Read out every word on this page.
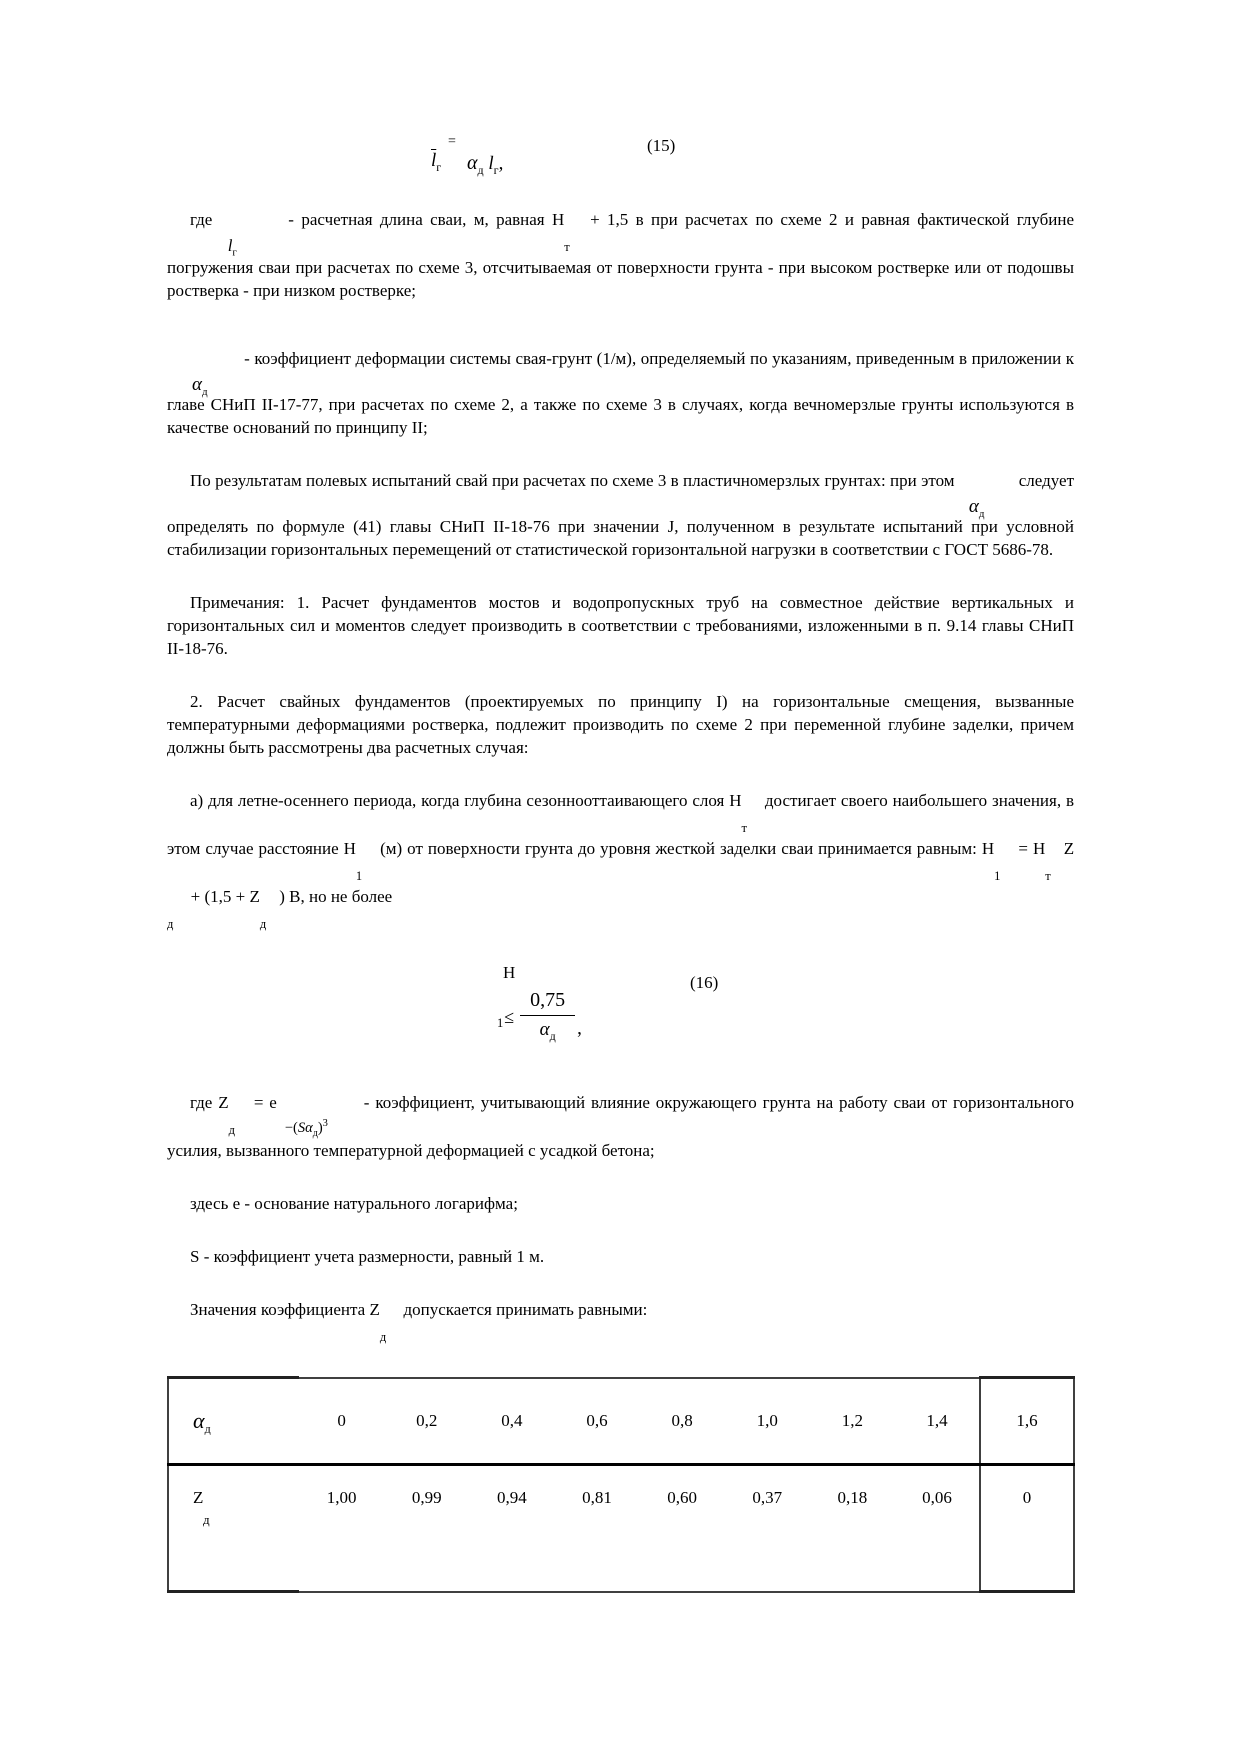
=
$\overline{l}_г$ $\alpha_д$ $l_г$,
(15)

где $l_г$ - расчетная длина сваи, м, равная Нт + 1,5 в при расчетах по схеме 2 и равная фактической глубине погружения сваи при расчетах по схеме 3, отсчитываемая от поверхности грунта - при высоком ростверке или от подошвы ростверка - при низком ростверке;

$\alpha_д$ - коэффициент деформации системы свая-грунт (1/м), определяемый по указаниям, приведенным в приложении к главе СНиП II-17-77, при расчетах по схеме 2, а также по схеме 3 в случаях, когда вечномерзлые грунты используются в качестве оснований по принципу II;

По результатам полевых испытаний свай при расчетах по схеме 3 в пластичномерзлых грунтах: при этом $\alpha_д$ следует определять по формуле (41) главы СНиП II-18-76 при значении J, полученном в результате испытаний при условной стабилизации горизонтальных перемещений от статистической горизонтальной нагрузки в соответствии с ГОСТ 5686-78.

Примечания: 1. Расчет фундаментов мостов и водопропускных труб на совместное действие вертикальных и горизонтальных сил и моментов следует производить в соответствии с требованиями, изложенными в п. 9.14 главы СНиП II-18-76.

2. Расчет свайных фундаментов (проектируемых по принципу I) на горизонтальные смещения, вызванные температурными деформациями ростверка, подлежит производить по схеме 2 при переменной глубине заделки, причем должны быть рассмотрены два расчетных случая:

а) для летне-осеннего периода, когда глубина сезоннооттаивающего слоя Нт достигает своего наибольшего значения, в этом случае расстояние Н1 (м) от поверхности грунта до уровня жесткой заделки сваи принимается равным: Н1 = НтZд + (1,5 + Zд) В, но не более

Н
$1 \le \frac{0,75}{\alpha_д}$ ,
(16)

где Zд = $е-(S\alpha_д)^3$ - коэффициент, учитывающий влияние окружающего грунта на работу сваи от горизонтального усилия, вызванного температурной деформацией с усадкой бетона;

здесь е - основание натурального логарифма;

S - коэффициент учета размерности, равный 1 м.

Значения коэффициента Zд допускается принимать равными:

$\alpha_д$	0	0,2	0,4	0,6	0,8	1,0	1,2	1,4	1,6

Z
д	1,00	0,99	0,94	0,81	0,60	0,37	0,18	0,06	0
